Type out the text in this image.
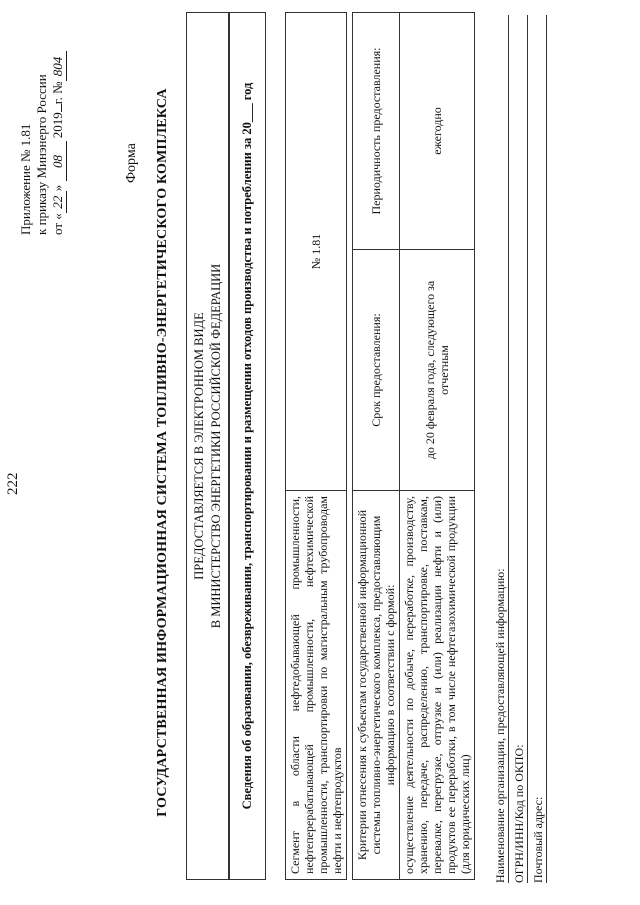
222
Приложение № 1.81 к приказу Минэнерго России от «22» 08 2019г. №804
Форма ГОСУДАРСТВЕННАЯ ИНФОРМАЦИОННАЯ СИСТЕМА ТОПЛИВНО-ЭНЕРГЕТИЧЕСКОГО КОМПЛЕКСА ПРЕДОСТАВЛЯЕТСЯ В ЭЛЕКТРОННОМ ВИДЕ В МИНИСТЕРСТВО ЭНЕРГЕТИКИ РОССИЙСКОЙ ФЕДЕРАЦИИ Сведения об образовании, обезвреживании, транспортировании и размещении отходов производства и потреблении за 20___ год	Сегмент в области нефтедобывающей промышленности, нефтеперерабатывающей промышленности, нефтехимической промышленности, транспортировки по магистральным трубопроводам нефти и нефтепродуктов	№ 1.81
Критерии отнесения к субъектам государственной информационной системы топливно-энергетического комплекса, предоставляющим информацию в соответствии с формой:	Срок предоставления:	Периодичность предоставления:
осуществление деятельности по добыче, переработке, производству, хранению, передаче, распределению, транспортировке, поставкам, перевалке, перегрузке, отгрузке и (или) реализации нефти и (или) продуктов ее переработки, в том числе нефтегазохимической продукции (для юридических лиц)	до 20 февраля года, следующего за отчетным	ежегодно
Наименование организации, предоставляющей информацию: ОГРН/ИНН/Код по ОКПО: Почтовый адрес:
